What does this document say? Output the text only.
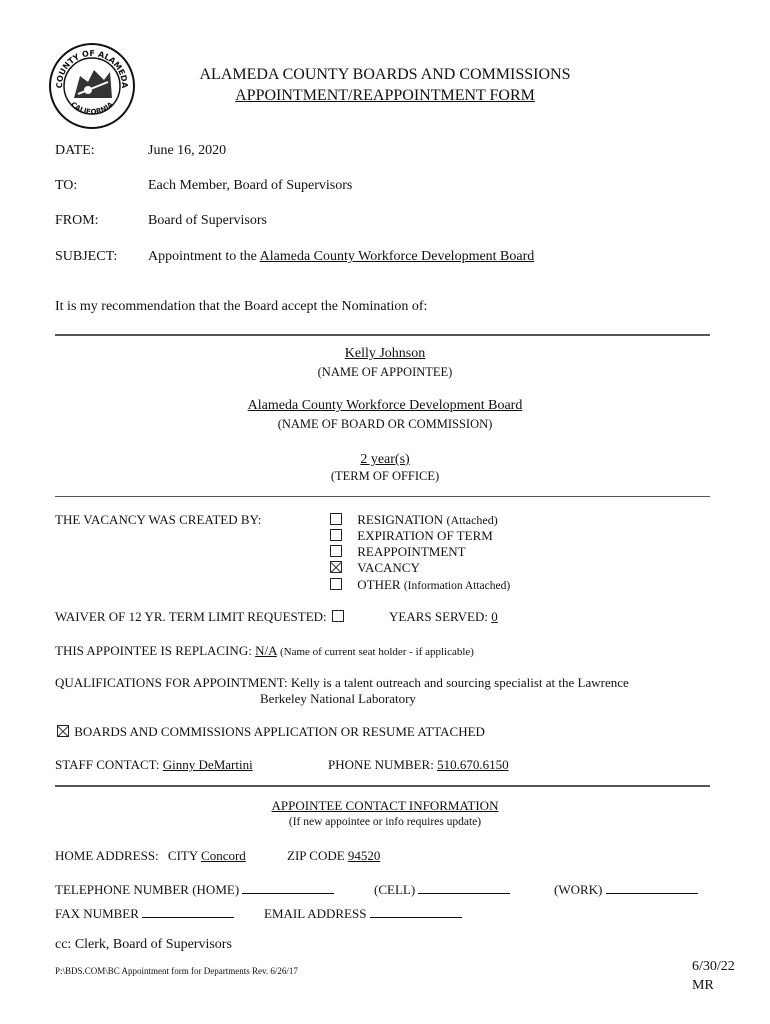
COUNTY OF ALAMEDA
CALIFORNIA
ALAMEDA COUNTY BOARDS AND COMMISSIONS
APPOINTMENT/REAPPOINTMENT FORM
DATE:	June 16, 2020
TO:	Each Member, Board of Supervisors
FROM:	Board of Supervisors
SUBJECT: Appointment to the Alameda County Workforce Development Board
It is my recommendation that the Board accept the Nomination of:
Kelly Johnson
(NAME OF APPOINTEE)
Alameda County Workforce Development Board
(NAME OF BOARD OR COMMISSION)
2 year(s)
(TERM OF OFFICE)
THE VACANCY WAS CREATED BY:	RESIGNATION (Attached)
EXPIRATION OF TERM
REAPPOINTMENT
VACANCY
OTHER (Information Attached)
WAIVER OF 12 YR. TERM LIMIT REQUESTED:	YEARS SERVED: 0
THIS APPOINTEE IS REPLACING: N/A (Name of current seat holder - if applicable)
QUALIFICATIONS FOR APPOINTMENT: Kelly is a talent outreach and sourcing specialist at the Lawrence
Berkeley National Laboratory
BOARDS AND COMMISSIONS APPLICATION OR RESUME ATTACHED
STAFF CONTACT: Ginny DeMartini	PHONE NUMBER: 510.670.6150
APPOINTEE CONTACT INFORMATION
(If new appointee or info requires update)
HOME ADDRESS: CITY Concord	ZIP CODE 94520
TELEPHONE NUMBER (HOME)	(CELL)	(WORK)
FAX NUMBER	EMAIL ADDRESS
cc: Clerk, Board of Supervisors
P:\BDS.COM\BC Appointment form for Departments Rev. 6/26/17	6/30/22
MR
